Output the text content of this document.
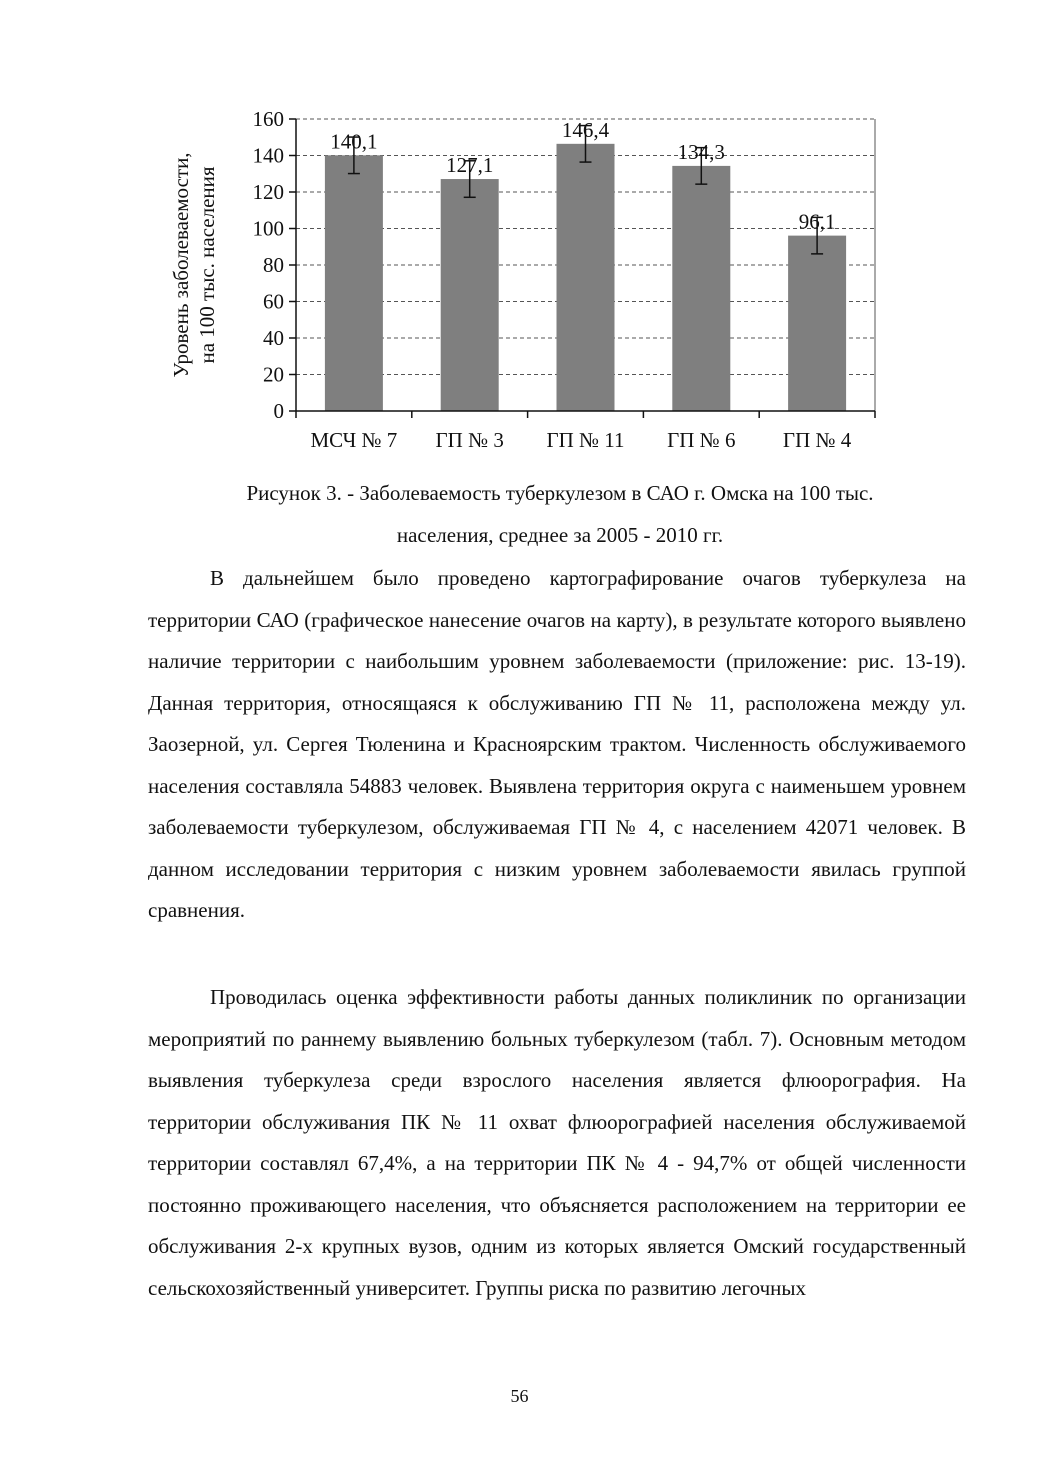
0
20
40
60
80
100
120
140
160
140,1
МСЧ № 7
127,1
ГП № 3
146,4
ГП № 11
134,3
ГП № 6
96,1
ГП № 4
Уровень заболеваемости, на 100 тыс. населения
Рисунок 3. - Заболеваемость туберкулезом в САО г. Омска на 100 тыс.
населения, среднее за 2005 - 2010 гг.

В дальнейшем было проведено картографирование очагов туберкулеза на территории САО (графическое нанесение очагов на карту), в результате которого выявлено наличие территории с наибольшим уровнем заболеваемости (приложение: рис. 13-19). Данная территория, относящаяся к обслуживанию ГП № 11, расположена между ул. Заозерной, ул. Сергея Тюленина и Красноярским трактом. Численность обслуживаемого населения составляла 54883 человек. Выявлена территория округа с наименьшем уровнем заболеваемости туберкулезом, обслуживаемая ГП № 4, с населением 42071 человек. В данном исследовании территория с низким уровнем заболеваемости явилась группой сравнения.

Проводилась оценка эффективности работы данных поликлиник по организации мероприятий по раннему выявлению больных туберкулезом (табл. 7). Основным методом выявления туберкулеза среди взрослого населения является флюорография. На территории обслуживания ПК № 11 охват флюорографией населения обслуживаемой территории составлял 67,4%, а на территории ПК № 4 - 94,7% от общей численности постоянно проживающего населения, что объясняется расположением на территории ее обслуживания 2-х крупных вузов, одним из которых является Омский государственный сельскохозяйственный университет. Группы риска по развитию легочных

56
